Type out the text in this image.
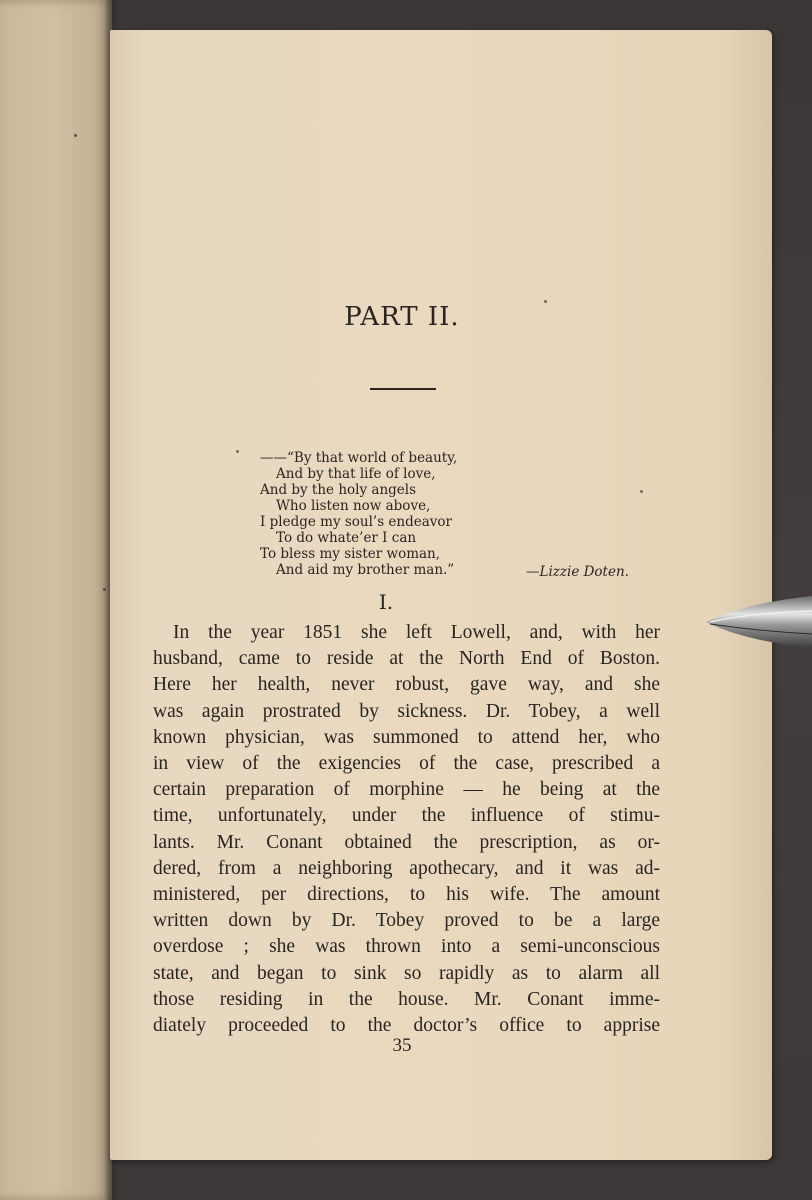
PART II.
——“By that world of beauty,
And by that life of love,
And by the holy angels
Who listen now above,
I pledge my soul’s endeavor
To do whate’er I can
To bless my sister woman,
And aid my brother man.”	—Lizzie Doten.
I.
In the year 1851 she left Lowell, and, with her
husband, came to reside at the North End of Boston.
Here her health, never robust, gave way, and she
was again prostrated by sickness. Dr. Tobey, a well
known physician, was summoned to attend her, who
in view of the exigencies of the case, prescribed a
certain preparation of morphine — he being at the
time, unfortunately, under the influence of stimu-
lants. Mr. Conant obtained the prescription, as or-
dered, from a neighboring apothecary, and it was ad-
ministered, per directions, to his wife. The amount
written down by Dr. Tobey proved to be a large
overdose ; she was thrown into a semi-unconscious
state, and began to sink so rapidly as to alarm all
those residing in the house. Mr. Conant imme-
diately proceeded to the doctor’s office to apprise
35
